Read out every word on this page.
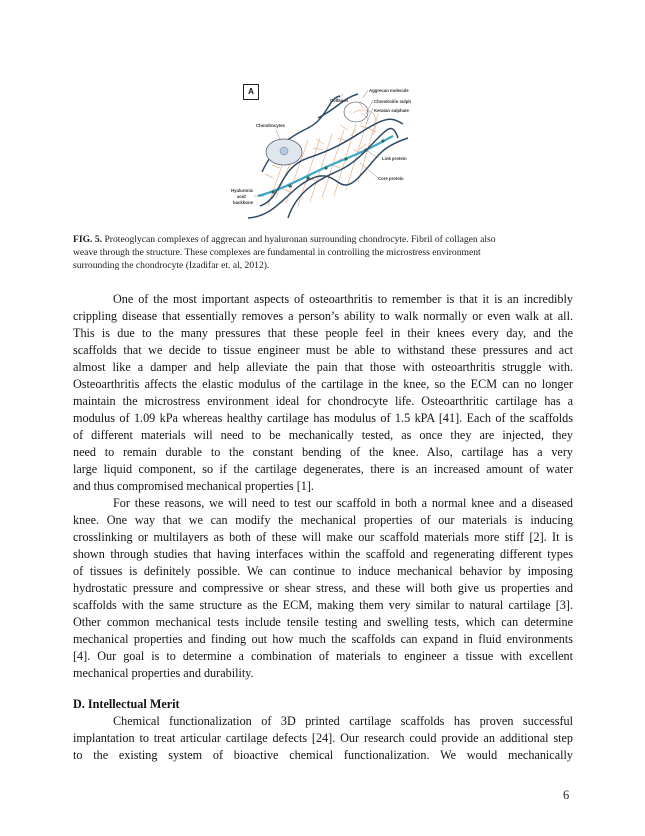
A
Collagen
Aggrecan molecule
Chondroitin sulph
Keratan sulphate
Chondrocytes
Link protein
Core protein
Hyaluronic
acid
backbone
FIG. 5. Proteoglycan complexes of aggrecan and hyaluronan surrounding chondrocyte. Fibril of collagen also
weave through the structure. These complexes are fundamental in controlling the microstress environment
surrounding the chondrocyte (Izadifar et. al, 2012).
One of the most important aspects of osteoarthritis to remember is that it is an incredibly
crippling disease that essentially removes a person’s ability to walk normally or even walk at all.
This is due to the many pressures that these people feel in their knees every day, and the
scaffolds that we decide to tissue engineer must be able to withstand these pressures and act
almost like a damper and help alleviate the pain that those with osteoarthritis struggle with.
Osteoarthritis affects the elastic modulus of the cartilage in the knee, so the ECM can no longer
maintain the microstress environment ideal for chondrocyte life. Osteoarthritic cartilage has a
modulus of 1.09 kPa whereas healthy cartilage has modulus of 1.5 kPA [41]. Each of the scaffolds
of different materials will need to be mechanically tested, as once they are injected, they
need to remain durable to the constant bending of the knee. Also, cartilage has a very
large liquid component, so if the cartilage degenerates, there is an increased amount of water
and thus compromised mechanical properties [1].
For these reasons, we will need to test our scaffold in both a normal knee and a diseased
knee. One way that we can modify the mechanical properties of our materials is inducing
crosslinking or multilayers as both of these will make our scaffold materials more stiff [2]. It is
shown through studies that having interfaces within the scaffold and regenerating different types
of tissues is definitely possible. We can continue to induce mechanical behavior by imposing
hydrostatic pressure and compressive or shear stress, and these will both give us properties and
scaffolds with the same structure as the ECM, making them very similar to natural cartilage [3].
Other common mechanical tests include tensile testing and swelling tests, which can determine
mechanical properties and finding out how much the scaffolds can expand in fluid environments
[4]. Our goal is to determine a combination of materials to engineer a tissue with excellent
mechanical properties and durability.
D. Intellectual Merit
Chemical functionalization of 3D printed cartilage scaffolds has proven successful
implantation to treat articular cartilage defects [24]. Our research could provide an additional step
to the existing system of bioactive chemical functionalization. We would mechanically
6
